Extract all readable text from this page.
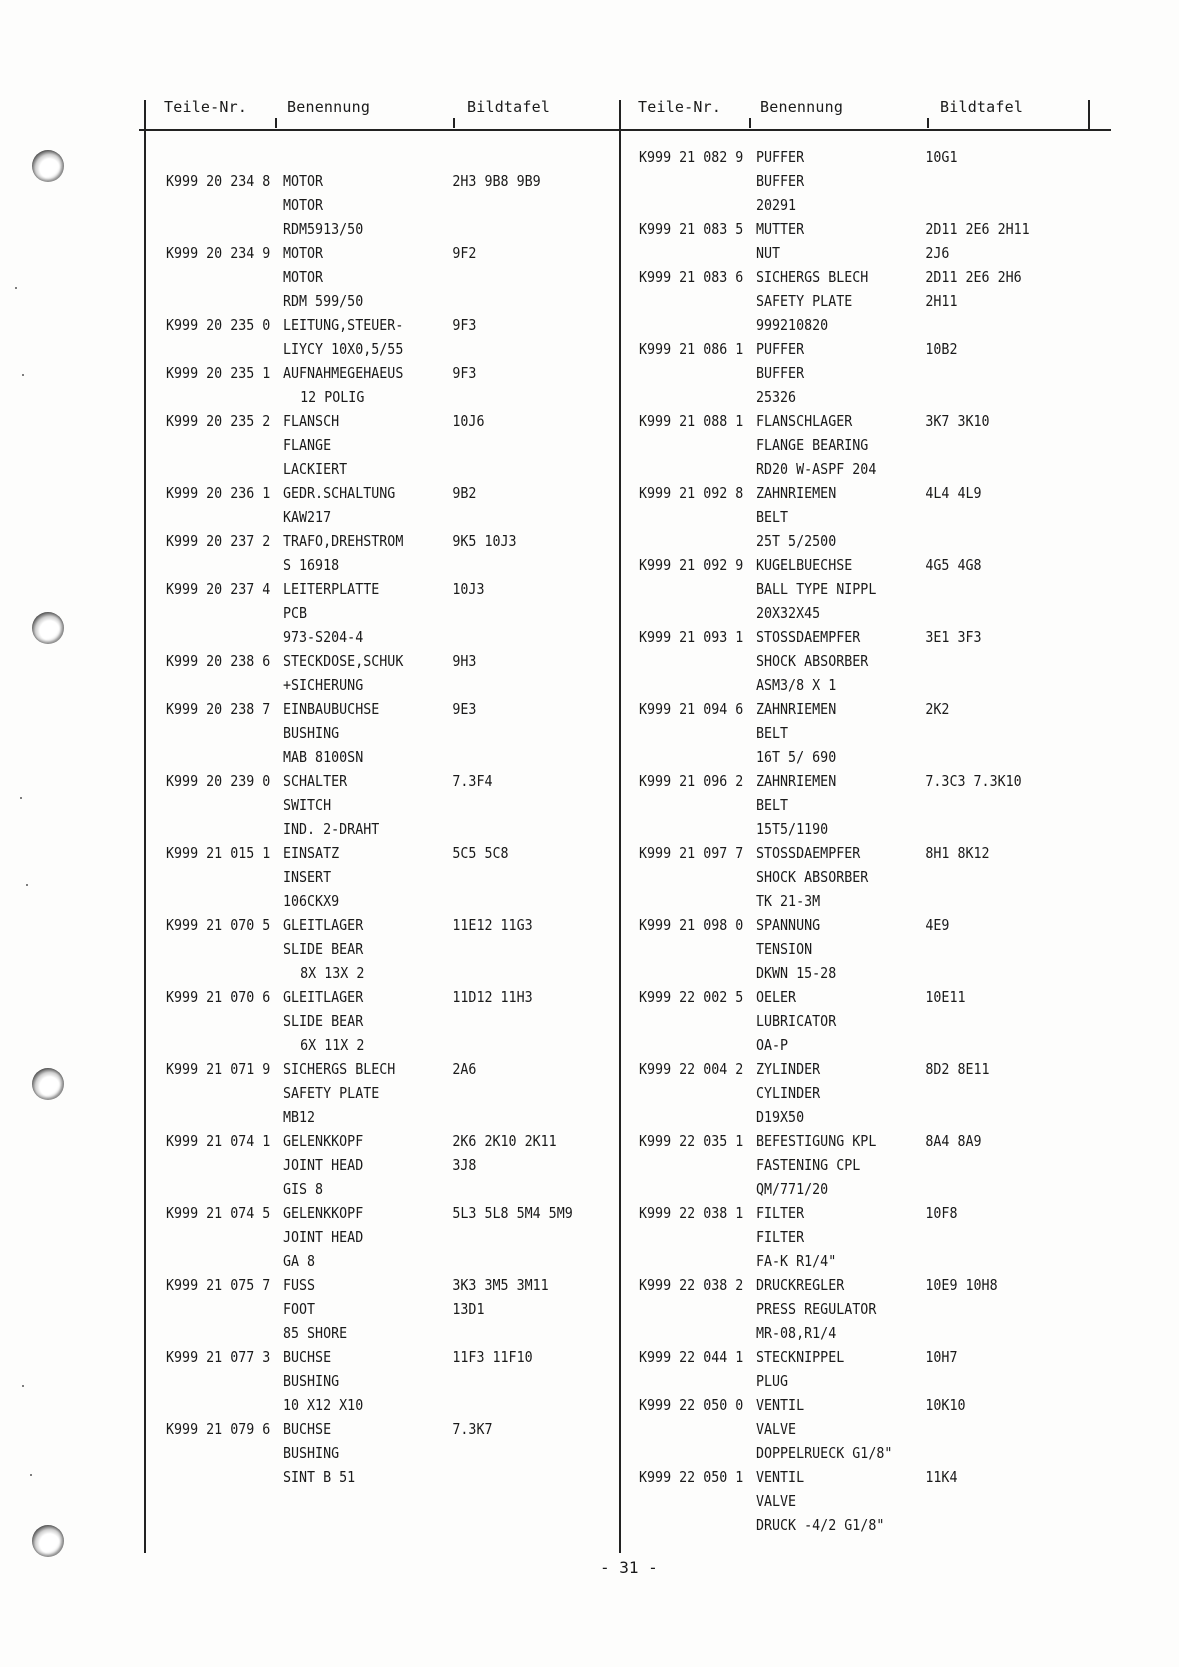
Teile-Nr.	Benennung	Bildtafel	Teile-Nr.	Benennung	Bildtafel
K999 20 234 8 MOTOR	2H3 9B8 9B9
MOTOR
RDM5913/50
K999 20 234 9 MOTOR	9F2
MOTOR
RDM 599/50
K999 20 235 0 LEITUNG,STEUER-	9F3
LIYCY 10X0,5/55
K999 20 235 1 AUFNAHMEGEHAEUS	9F3
12 POLIG
K999 20 235 2 FLANSCH	10J6
FLANGE
LACKIERT
K999 20 236 1 GEDR.SCHALTUNG	9B2
KAW217
K999 20 237 2 TRAFO,DREHSTROM	9K5 10J3
S 16918
K999 20 237 4 LEITERPLATTE	10J3
PCB
973-S204-4
K999 20 238 6 STECKDOSE,SCHUK	9H3
+SICHERUNG
K999 20 238 7 EINBAUBUCHSE	9E3
BUSHING
MAB 8100SN
K999 20 239 0 SCHALTER	7.3F4
SWITCH
IND. 2-DRAHT
K999 21 015 1 EINSATZ	5C5 5C8
INSERT
106CKX9
K999 21 070 5 GLEITLAGER	11E12 11G3
SLIDE BEAR
8X 13X 2
K999 21 070 6 GLEITLAGER	11D12 11H3
SLIDE BEAR
6X 11X 2
K999 21 071 9 SICHERGS BLECH	2A6
SAFETY PLATE
MB12
K999 21 074 1 GELENKKOPF	2K6 2K10 2K11
JOINT HEAD	3J8
GIS 8
K999 21 074 5 GELENKKOPF	5L3 5L8 5M4 5M9
JOINT HEAD
GA 8
K999 21 075 7 FUSS	3K3 3M5 3M11
FOOT	13D1
85 SHORE
K999 21 077 3 BUCHSE	11F3 11F10
BUSHING
10 X12 X10
K999 21 079 6 BUCHSE	7.3K7
BUSHING
SINT B 51
K999 21 082 9 PUFFER	10G1
BUFFER
20291
K999 21 083 5 MUTTER	2D11 2E6 2H11
NUT	2J6
K999 21 083 6 SICHERGS BLECH	2D11 2E6 2H6
SAFETY PLATE	2H11
999210820
K999 21 086 1 PUFFER	10B2
BUFFER
25326
K999 21 088 1 FLANSCHLAGER	3K7 3K10
FLANGE BEARING
RD20 W-ASPF 204
K999 21 092 8 ZAHNRIEMEN	4L4 4L9
BELT
25T 5/2500
K999 21 092 9 KUGELBUECHSE	4G5 4G8
BALL TYPE NIPPL
20X32X45
K999 21 093 1 STOSSDAEMPFER	3E1 3F3
SHOCK ABSORBER
ASM3/8 X 1
K999 21 094 6 ZAHNRIEMEN	2K2
BELT
16T 5/ 690
K999 21 096 2 ZAHNRIEMEN	7.3C3 7.3K10
BELT
15T5/1190
K999 21 097 7 STOSSDAEMPFER	8H1 8K12
SHOCK ABSORBER
TK 21-3M
K999 21 098 0 SPANNUNG	4E9
TENSION
DKWN 15-28
K999 22 002 5 OELER	10E11
LUBRICATOR
OA-P
K999 22 004 2 ZYLINDER	8D2 8E11
CYLINDER
D19X50
K999 22 035 1 BEFESTIGUNG KPL	8A4 8A9
FASTENING CPL
QM/771/20
K999 22 038 1 FILTER	10F8
FILTER
FA-K R1/4"
K999 22 038 2 DRUCKREGLER	10E9 10H8
PRESS REGULATOR
MR-08,R1/4
K999 22 044 1 STECKNIPPEL	10H7
PLUG
K999 22 050 0 VENTIL	10K10
VALVE
DOPPELRUECK G1/8"
K999 22 050 1 VENTIL	11K4
VALVE
DRUCK -4/2 G1/8"
- 31 -
